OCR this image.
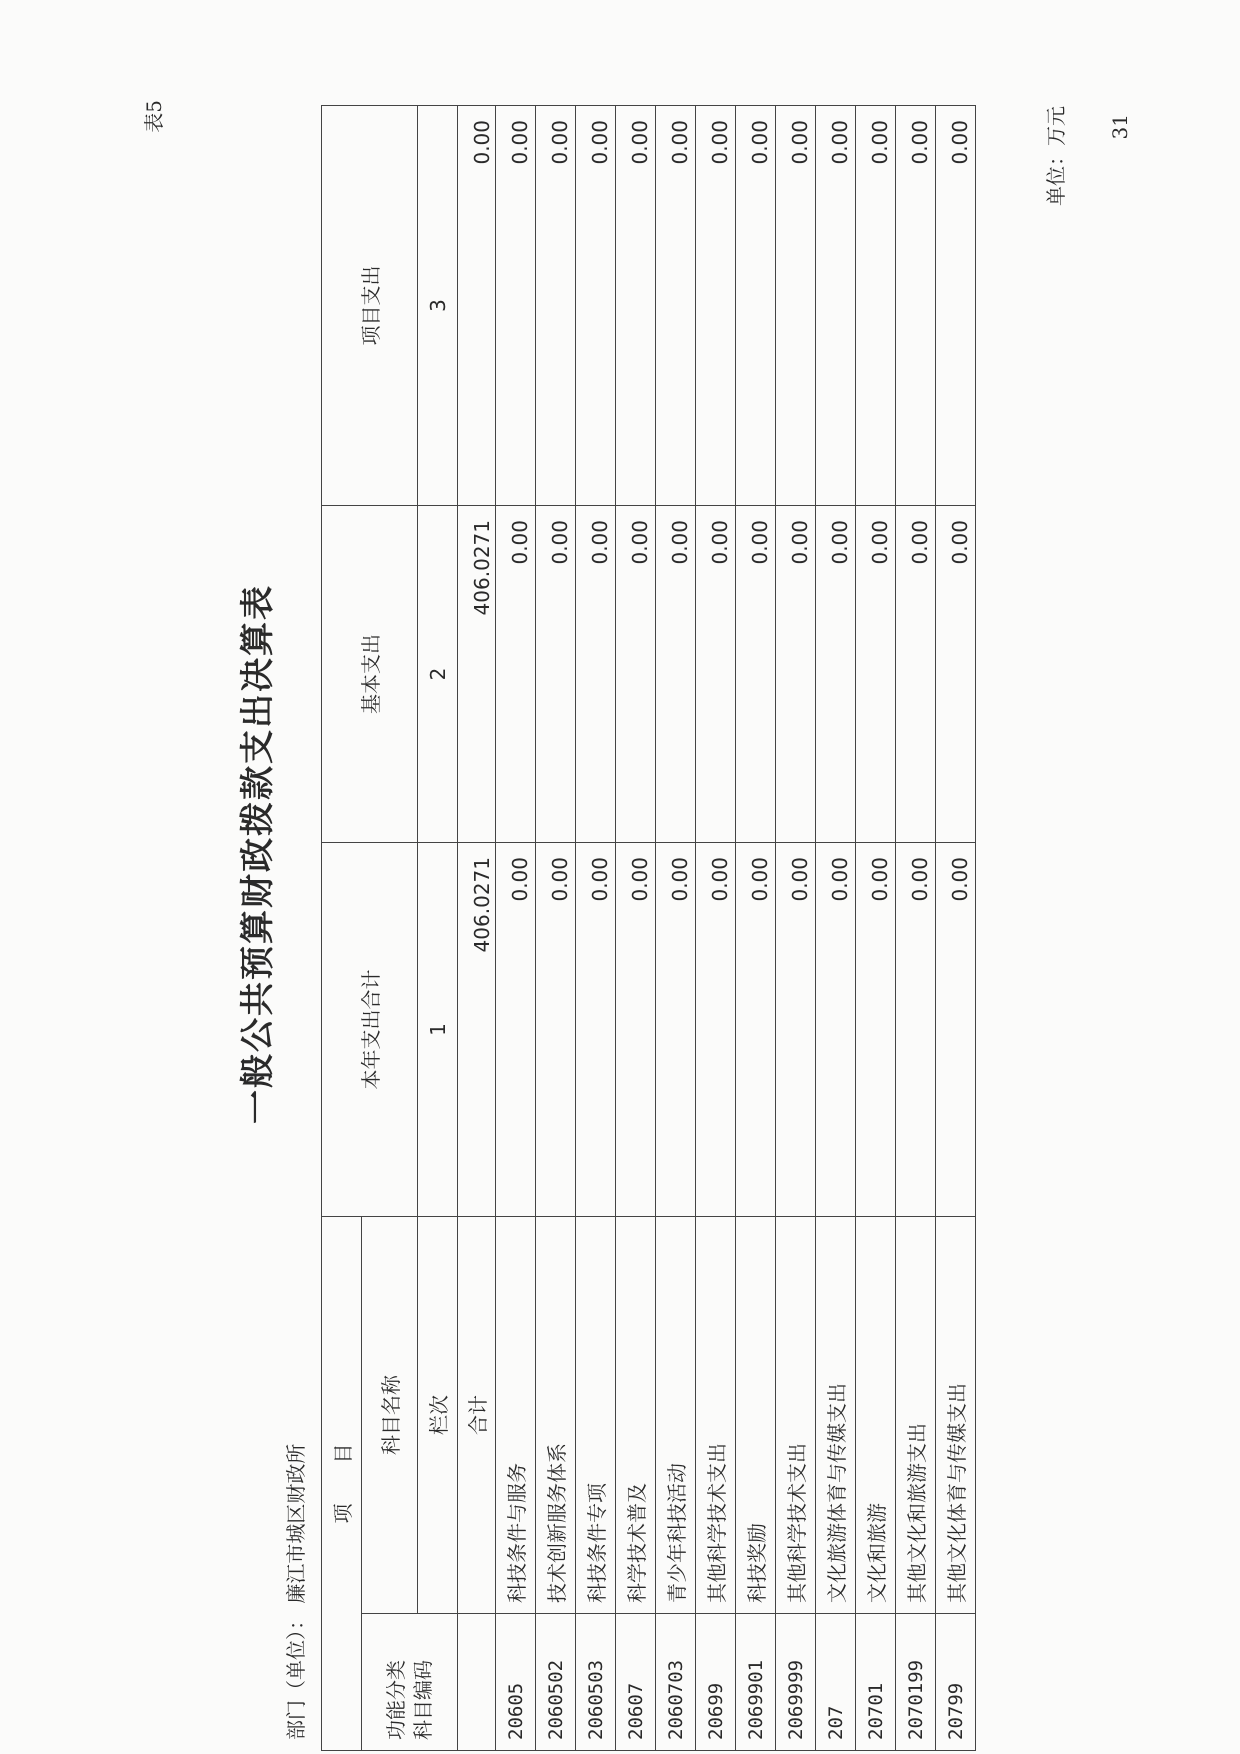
表5	单位：万元
一般公共预算财政拨款支出决算表
部门（单位）： 廉江市城区财政所 项　　目		本年支出合计	基本支出	项目支出
功能分类
科目编码	科目名称			
	栏次	1	2	3
	合计	406.0271	406.0271	0.00
20605	科技条件与服务	0.00	0.00	0.00
2060502	技术创新服务体系	0.00	0.00	0.00
2060503	科技条件专项	0.00	0.00	0.00
20607	科学技术普及	0.00	0.00	0.00
2060703	青少年科技活动	0.00	0.00	0.00
20699	其他科学技术支出	0.00	0.00	0.00
2069901	科技奖励	0.00	0.00	0.00
2069999	其他科学技术支出	0.00	0.00	0.00
207	文化旅游体育与传媒支出	0.00	0.00	0.00
20701	文化和旅游	0.00	0.00	0.00
2070199	其他文化和旅游支出	0.00	0.00	0.00
20799	其他文化体育与传媒支出	0.00	0.00	0.00	31
